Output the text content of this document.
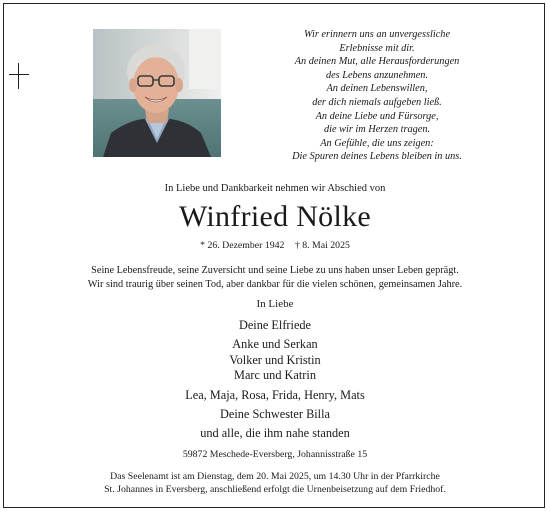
Wir erinnern uns an unvergessliche
Erlebnisse mit dir.
An deinen Mut, alle Herausforderungen
des Lebens anzunehmen.
An deinen Lebenswillen,
der dich niemals aufgeben ließ.
An deine Liebe und Fürsorge,
die wir im Herzen tragen.
An Gefühle, die uns zeigen:
Die Spuren deines Lebens bleiben in uns.
In Liebe und Dankbarkeit nehmen wir Abschied von
Winfried Nölke
* 26. Dezember 1942 † 8. Mai 2025
Seine Lebensfreude, seine Zuversicht und seine Liebe zu uns haben unser Leben geprägt.
Wir sind traurig über seinen Tod, aber dankbar für die vielen schönen, gemeinsamen Jahre.
In Liebe
Deine Elfriede
Anke und Serkan
Volker und Kristin
Marc und Katrin
Lea, Maja, Rosa, Frida, Henry, Mats
Deine Schwester Billa
und alle, die ihm nahe standen
59872 Meschede-Eversberg, Johannisstraße 15
Das Seelenamt ist am Dienstag, dem 20. Mai 2025, um 14.30 Uhr in der Pfarrkirche
St. Johannes in Eversberg, anschließend erfolgt die Urnenbeisetzung auf dem Friedhof.
